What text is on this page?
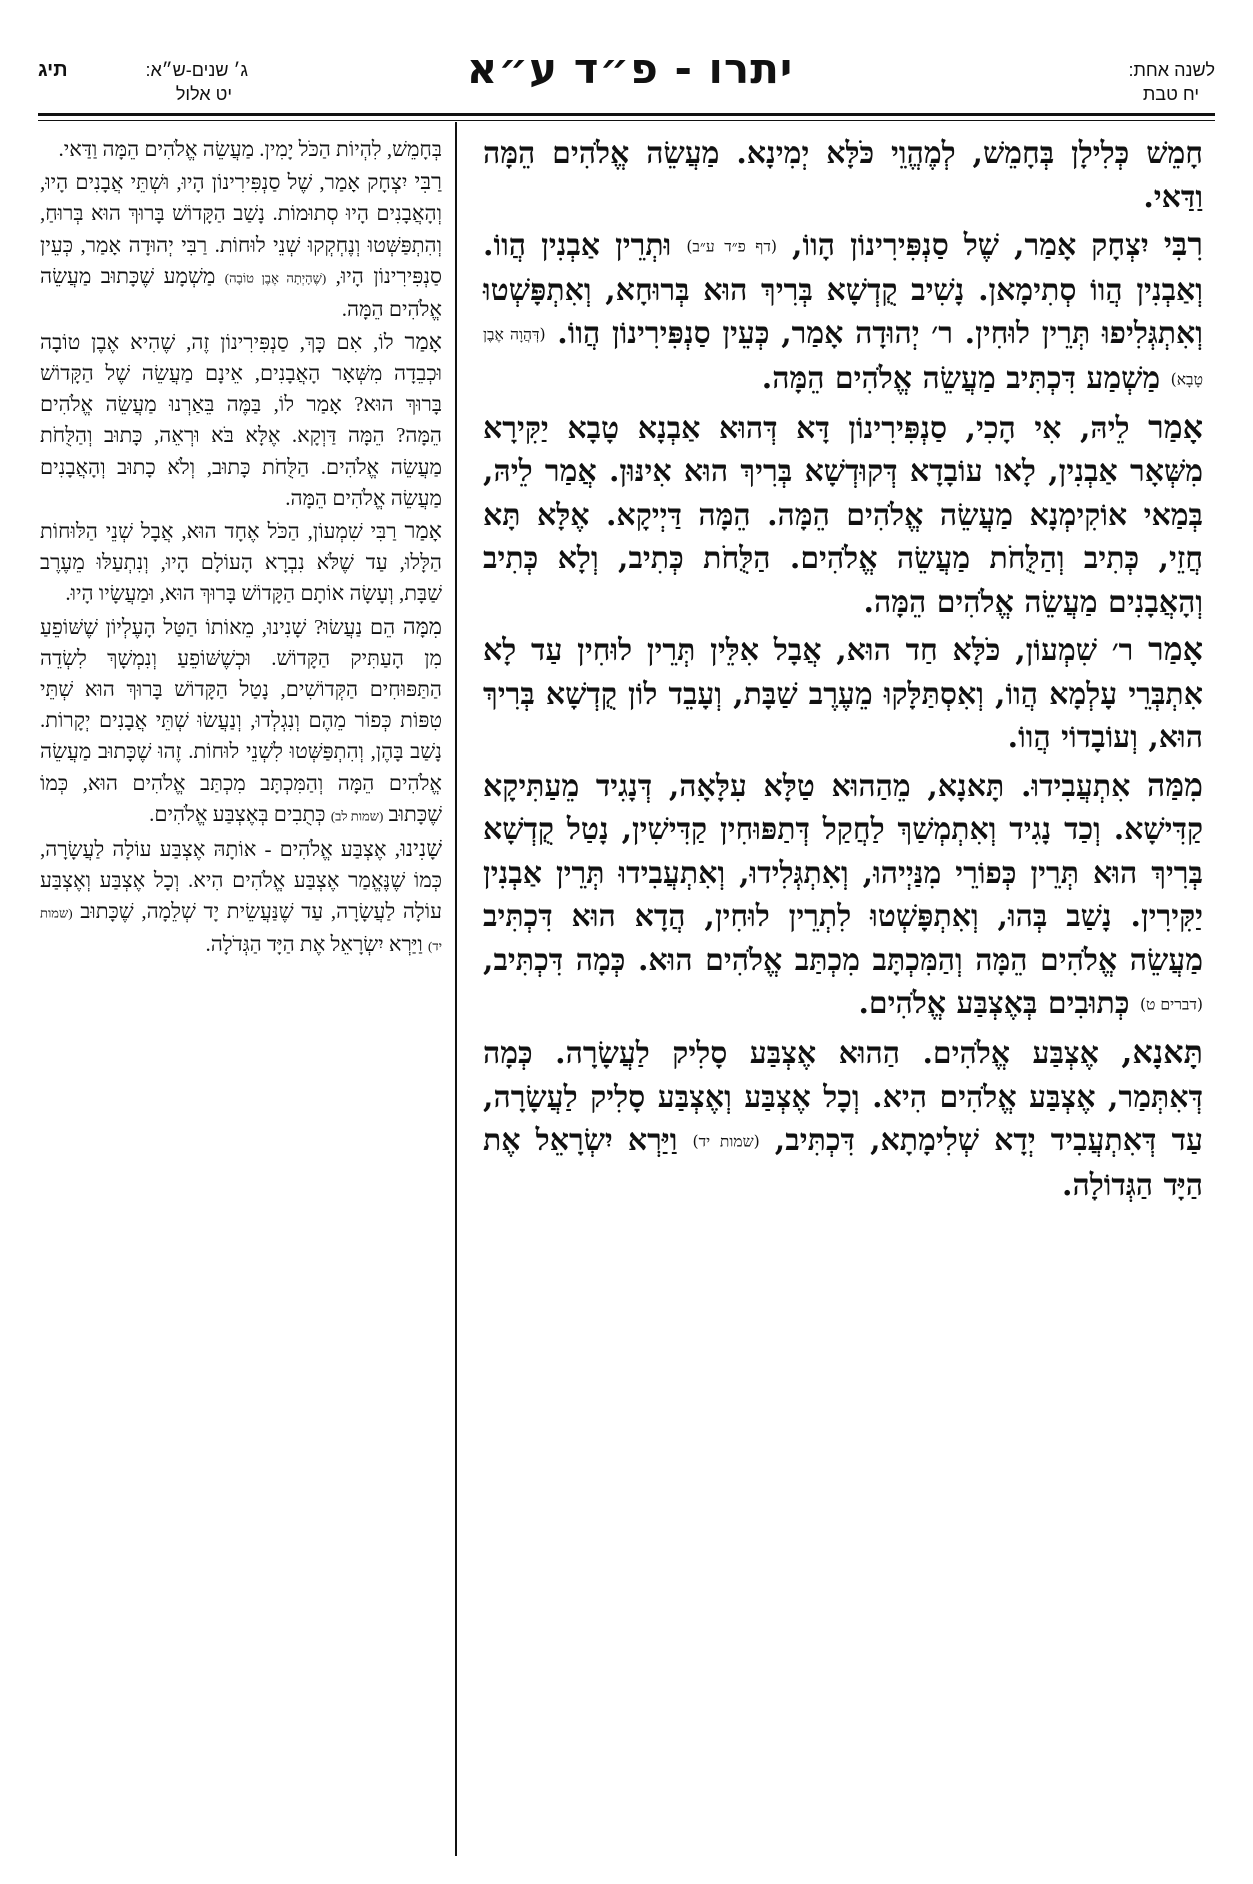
לשנה אחת:
יח טבת
יתרו - פ״ד ע״א
ג׳ שנים-ש״א:
תיג
יט אלול

חָמֵשׁ כְּלִילָן בְּחָמֵשׁ, לְמֶהֱוֵי כֹּלָּא יְמִינָא. מַעֲשֵׂה אֱלֹהִים הֵמָּה וַדַּאי.

רִבִּי יִצְחָק אָמַר, שֶׁל סַנְפִּירִינוֹן הָווֹ, (דף פ״ד ע״ב) וּתְרֵין אַבְנִין הֲווֹ. וְאַבְנִין הֲווֹ סְתִימָאן. נָשִׁיב קֻדְשָׁא בְּרִיךְ הוּא בְּרוּחָא, וְאִתְפָּשְׁטוּ וְאִתְגְּלִיפוּ תְּרֵין לוּחִין. ר׳ יְהוּדָה אָמַר, כְּעֵין סַנְפִּירִינוֹן הֲווֹ. (דְּהֲוָה אֶבֶן טָבָא) מַשְׁמַע דִּכְתִּיב מַעֲשֵׂה אֱלֹהִים הֵמָּה.

אָמַר לֵיהּ, אִי הָכִי, סַנְפִּירִינוֹן דָּא דְּהוּא אַבְנָא טָבָא יַקִּירָא מִשְּׁאָר אַבְנִין, לָאו עוֹבָדָא דְּקוּדְשָׁא בְּרִיךְ הוּא אִינּוּן. אֲמַר לֵיהּ, בְּמַאי אוֹקִימְנָא מַעֲשֵׂה אֱלֹהִים הֵמָּה. הֵמָּה דַּיְיקָא. אֶלָּא תָּא חֲזֵי, כְּתִיב וְהַלֻּחֹת מַעֲשֵׂה אֱלֹהִים. הַלֻּחֹת כְּתִיב, וְלָא כְּתִיב וְהָאֲבָנִים מַעֲשֵׂה אֱלֹהִים הֵמָּה.

אָמַר ר׳ שִׁמְעוֹן, כֹּלָּא חַד הוּא, אֲבָל אִלֵּין תְּרֵין לוּחִין עַד לָא אִתְבְּרֵי עָלְמָא הֲווֹ, וְאִסְתַּלָּקוּ מֵעֶרֶב שַׁבָּת, וְעָבֵד לוֹן קֻדְשָׁא בְּרִיךְ הוּא, וְעוֹבָדוֹי הֲווֹ.

מִמַּה אִתְעֲבִידוּ. תָּאנָא, מֵהַהוּא טַלָּא עִלָּאָה, דְּנָגִיד מֵעַתִּיקָא קַדִּישָׁא. וְכַד נָגִיד וְאִתְמְשַׁךְ לַחֲקַל דְּתַפּוּחִין קַדִּישִׁין, נָטַל קֻדְשָׁא בְּרִיךְ הוּא תְּרֵין כְּפוֹרֵי מִנַּיְיהוּ, וְאִתְגְּלִידוּ, וְאִתְעֲבִידוּ תְּרֵין אַבְנִין יַקִּירִין. נָשַׁב בְּהוּ, וְאִתְפָּשְׁטוּ לִתְרֵין לוּחִין, הֲדָא הוּא דִּכְתִּיב מַעֲשֵׂה אֱלֹהִים הֵמָּה וְהַמִּכְתָּב מִכְתַּב אֱלֹהִים הוּא. כְּמָה דִּכְתִּיב, (דברים ט) כְּתוּבִים בְּאֶצְבַּע אֱלֹהִים.

תָּאנָא, אֶצְבַּע אֱלֹהִים. הַהוּא אֶצְבַּע סָלִיק לַעֲשָׂרָה. כְּמָה דְּאִתְּמַר, אֶצְבַּע אֱלֹהִים הִיא. וְכָל אֶצְבַּע וְאֶצְבַּע סָלִיק לַעֲשָׂרָה, עַד דְּאִתְעֲבִיד יְדָא שְׁלִימָתָא, דִּכְתִּיב, (שמות יד) וַיַּרְא יִשְׂרָאֵל אֶת הַיָּד הַגְּדוֹלָה.

בְּחָמֵשׁ, לִהְיוֹת הַכֹּל יָמִין. מַעֲשֵׂה אֱלֹהִים הֵמָּה וַדַּאי.

רַבִּי יִצְחָק אָמַר, שֶׁל סַנְפִּירִינוֹן הָיוּ, וּשְׁתֵּי אֲבָנִים הָיוּ, וְהָאֲבָנִים הָיוּ סְתוּמוֹת. נָשַׁב הַקָּדוֹשׁ בָּרוּךְ הוּא בְּרוּחַ, וְהִתְפַּשְּׁטוּ וְנֶחְקְקוּ שְׁנֵי לוּחוֹת. רַבִּי יְהוּדָה אָמַר, כְּעֵין סַנְפִּירִינוֹן הָיוּ, (שֶׁהָיְתָה אֶבֶן טוֹבָה) מַשְׁמָע שֶׁכָּתוּב מַעֲשֵׂה אֱלֹהִים הֵמָּה.

אָמַר לוֹ, אִם כָּךְ, סַנְפִּירִינוֹן זֶה, שֶׁהִיא אֶבֶן טוֹבָה וּכְבֵדָה מִשְּׁאָר הָאֲבָנִים, אֵינָם מַעֲשֵׂה שֶׁל הַקָּדוֹשׁ בָּרוּךְ הוּא? אָמַר לוֹ, בַּמֶּה בֵּאַרְנוּ מַעֲשֵׂה אֱלֹהִים הֵמָּה? הֵמָּה דַּוְקָא. אֶלָּא בֹּא וּרְאֵה, כָּתוּב וְהַלֻּחֹת מַעֲשֵׂה אֱלֹהִים. הַלֻּחֹת כָּתוּב, וְלֹא כָתוּב וְהָאֲבָנִים מַעֲשֵׂה אֱלֹהִים הֵמָּה.

אָמַר רַבִּי שִׁמְעוֹן, הַכֹּל אֶחָד הוּא, אֲבָל שְׁנֵי הַלּוּחוֹת הַלָּלוּ, עַד שֶׁלֹּא נִבְרָא הָעוֹלָם הָיוּ, וְנִתְעַלּוּ מֵעֶרֶב שַׁבָּת, וְעָשָׂה אוֹתָם הַקָּדוֹשׁ בָּרוּךְ הוּא, וּמַעֲשָׂיו הָיוּ.

מִמָּה הֵם נַעֲשׂוּ? שָׁנִינוּ, מֵאוֹתוֹ הַטַּל הָעֶלְיוֹן שֶׁשּׁוֹפֵעַ מִן הָעַתִּיק הַקָּדוֹשׁ. וּכְשֶׁשּׁוֹפֵעַ וְנִמְשָׁךְ לִשְׂדֵה הַתַּפּוּחִים הַקְּדוֹשִׁים, נָטַל הַקָּדוֹשׁ בָּרוּךְ הוּא שְׁתֵּי טִפּוֹת כְּפוֹר מֵהֶם וְנִגְלְדוּ, וְנַעֲשׂוּ שְׁתֵּי אֲבָנִים יְקָרוֹת. נָשַׁב בָּהֶן, וְהִתְפַּשְּׁטוּ לִשְׁנֵי לוּחוֹת. זֶהוּ שֶׁכָּתוּב מַעֲשֵׂה אֱלֹהִים הֵמָּה וְהַמִּכְתָּב מִכְתַּב אֱלֹהִים הוּא, כְּמוֹ שֶׁכָּתוּב (שמות לב) כְּתֻבִים בְּאֶצְבַּע אֱלֹהִים.

שָׁנִינוּ, אֶצְבַּע אֱלֹהִים - אוֹתָהּ אֶצְבַּע עוֹלָה לַעֲשָׂרָה, כְּמוֹ שֶׁנֶּאֱמַר אֶצְבַּע אֱלֹהִים הִיא. וְכָל אֶצְבַּע וְאֶצְבַּע עוֹלָה לַעֲשָׂרָה, עַד שֶׁנַּעֲשֵׂית יָד שְׁלֵמָה, שֶׁכָּתוּב (שמות יד) וַיַּרְא יִשְׂרָאֵל אֶת הַיָּד הַגְּדֹלָה.
